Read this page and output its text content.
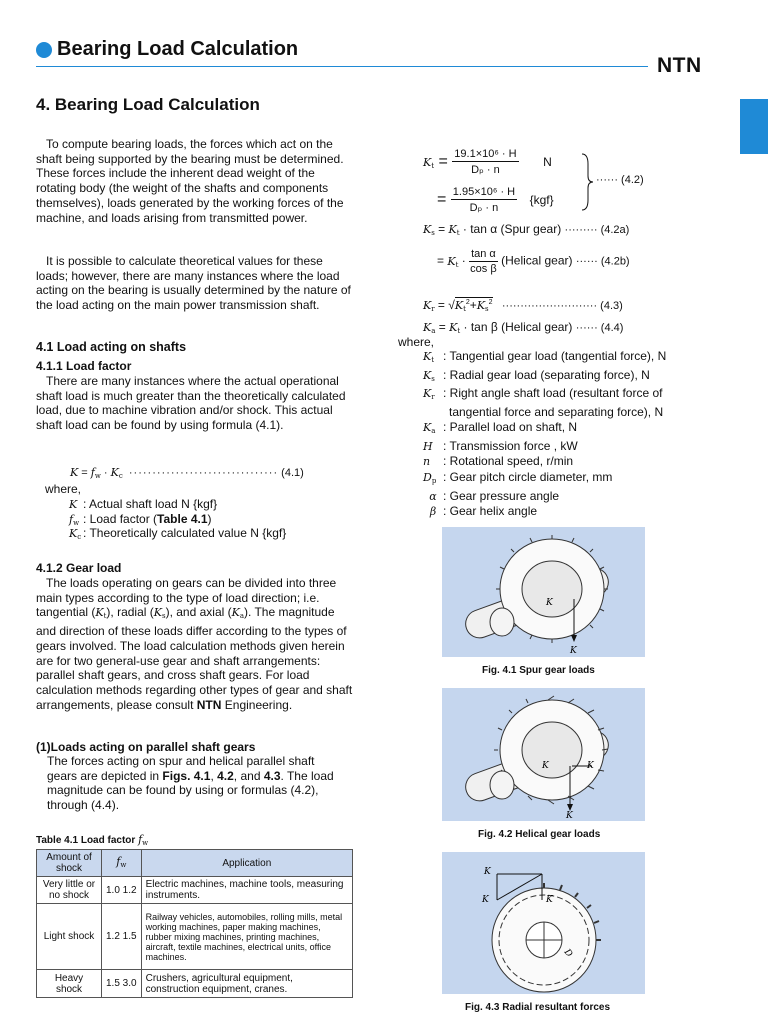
Bearing Load Calculation
NTN
4. Bearing Load Calculation
To compute bearing loads, the forces which act on the shaft being supported by the bearing must be determined. These forces include the inherent dead weight of the rotating body (the weight of the shafts and components themselves), loads generated by the working forces of the machine, and loads arising from transmitted power.
It is possible to calculate theoretical values for these loads; however, there are many instances where the load acting on the bearing is usually determined by the nature of the load acting on the main power transmission shaft.
4.1 Load acting on shafts
4.1.1 Load factor
There are many instances where the actual operational shaft load is much greater than the theoretically calculated load, due to machine vibration and/or shock. This actual shaft load can be found by using formula (4.1).
$K = f_w \cdot K_c$ ································ (4.1)
where,
K : Actual shaft load N {kgf}
$f_w$ : Load factor (Table 4.1)
$K_c$ : Theoretically calculated value N {kgf}
4.1.2 Gear load
The loads operating on gears can be divided into three main types according to the type of load direction; i.e. tangential $(K_t)$, radial $(K_s)$, and axial $(K_a)$. The magnitude and direction of these loads differ according to the types of gears involved. The load calculation methods given herein are for two general-use gear and shaft arrangements: parallel shaft gears, and cross shaft gears. For load calculation methods regarding other types of gear and shaft arrangements, please consult NTN Engineering.
(1)Loads acting on parallel shaft gears
The forces acting on spur and helical parallel shaft gears are depicted in Figs. 4.1, 4.2, and 4.3. The load magnitude can be found by using or formulas (4.2), through (4.4).
Table 4.1 Load factor $f_w$
Amount of shock	$f_w$	Application
Very little or no shock	1.0 1.2	Electric machines, machine tools, measuring instruments.
Light shock	1.2 1.5	Railway vehicles, automobiles, rolling mills, metal working machines, paper making machines, rubber mixing machines, printing machines, aircraft, textile machines, electrical units, office machines.
Heavy shock	1.5 3.0	Crushers, agricultural equipment, construction equipment, cranes.
$K_t = \frac{\text{19.1×10⁶ · H}}{\text{Dₚ · n}}$ N
= $\frac{\text{1.95×10⁶ · H}}{\text{Dₚ · n}} \{kgf\}$
······ (4.2)
$K_s = K_t \cdot \tan \alpha$ (Spur gear) ········· (4.2a)
= $K_t \cdot \frac{\text{tan α}}{\text{cos β}}$ (Helical gear) ······ (4.2b)
$K_r = √K_t^2+K_s^2$ ·························· (4.3)
$K_a = K_t \cdot \tan \beta$ (Helical gear) ······ (4.4)
where,
$K_t$ : Tangential gear load (tangential force), N
$K_s$ : Radial gear load (separating force), N
$K_r$ : Right angle shaft load (resultant force of
tangential force and separating force), N
$K_a$ : Parallel load on shaft, N
H : Transmission force , kW
n : Rotational speed, r/min
$D_p$ : Gear pitch circle diameter, mm
α : Gear pressure angle
β : Gear helix angle
K
K
Fig. 4.1 Spur gear loads
K	K
K
Fig. 4.2 Helical gear loads
K
K	K
D
Fig. 4.3 Radial resultant forces
